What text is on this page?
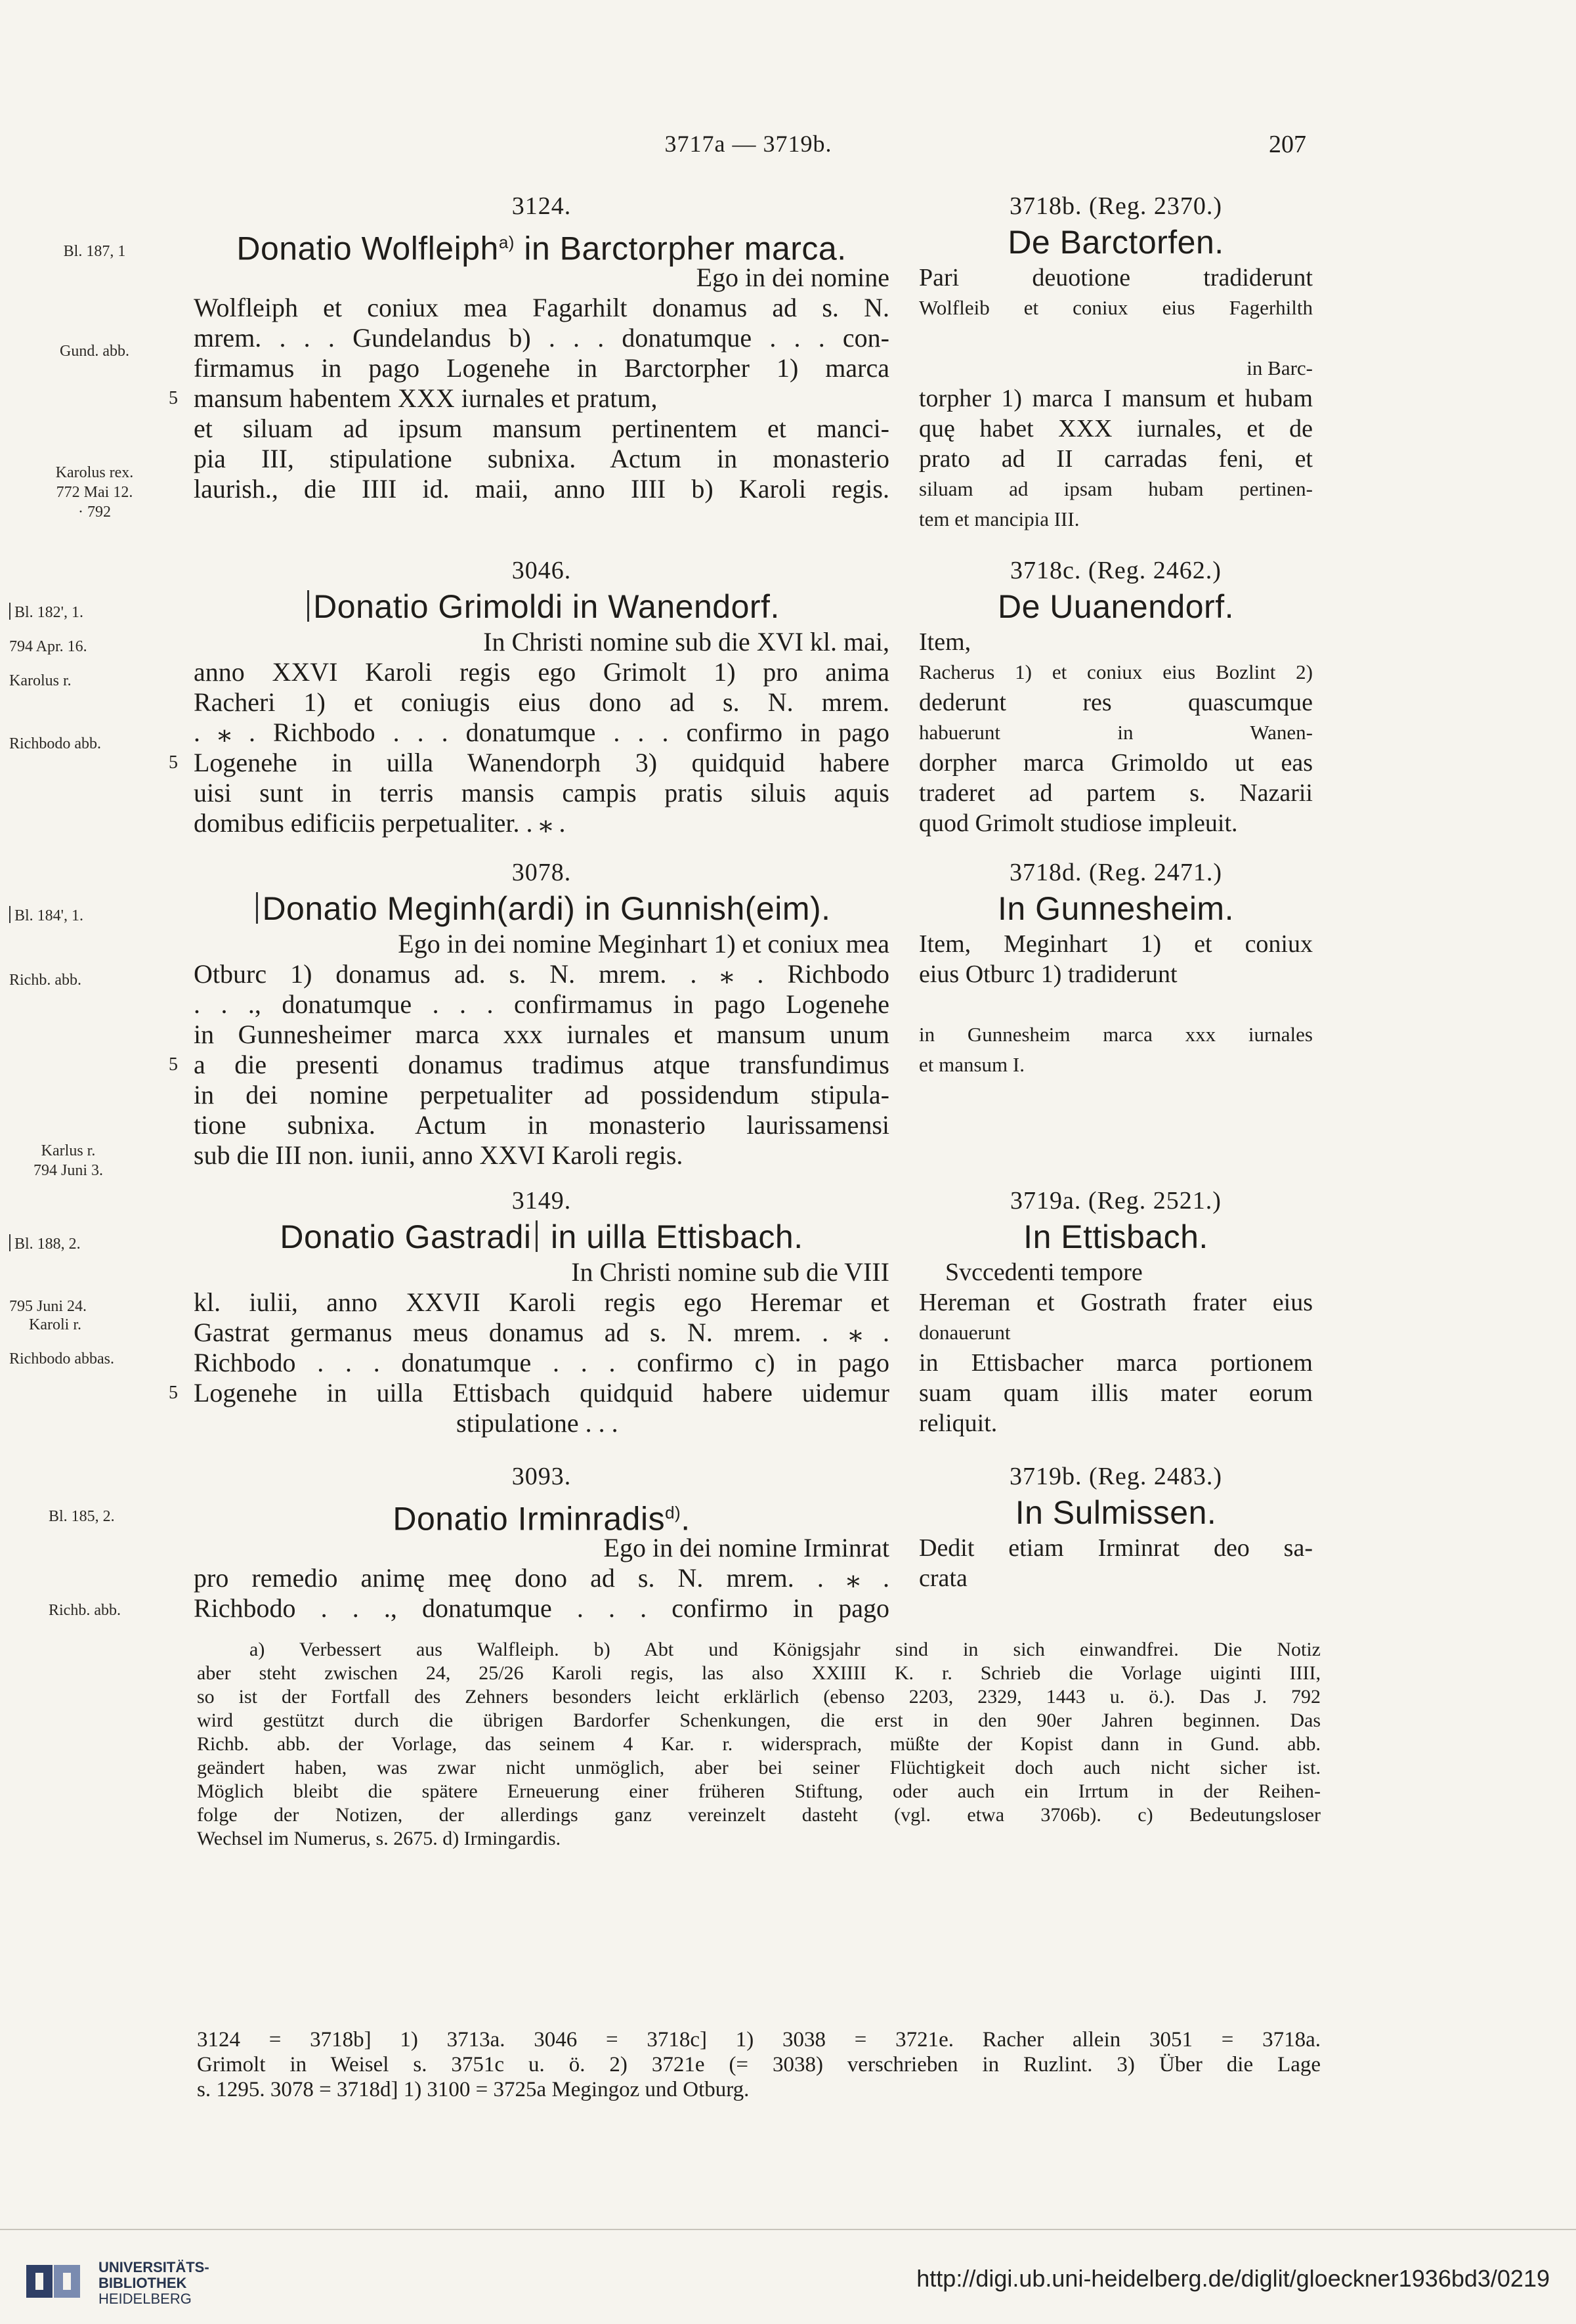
3717a — 3719b.	207
3124.
Donatio Wolfleiph$^{a)}$ in Barctorpher marca.
Ego in dei nomine
Wolfleiph et coniux mea Fagarhilt donamus ad s. N.
mrem. . . . Gundelandus b) . . . donatumque . . . con-
firmamus in pago Logenehe in Barctorpher 1) marca
5 mansum habentem XXX iurnales et pratum,
et siluam ad ipsum mansum pertinentem et manci-
pia III, stipulatione subnixa. Actum in monasterio
laurish., die IIII id. maii, anno IIII b) Karoli regis.
Bl. 187, 1
Gund. abb.
Karolus rex.
772 Mai 12.
· 792
3046.
Donatio Grimoldi in Wanendorf.
In Christi nomine sub die XVI kl. mai,
anno XXVI Karoli regis ego Grimolt 1) pro anima
Racheri 1) et coniugis eius dono ad s. N. mrem.
. ⁎ . Richbodo . . . donatumque . . . confirmo in pago
5 Logenehe in uilla Wanendorph 3) quidquid habere
uisi sunt in terris mansis campis pratis siluis aquis
domibus edificiis perpetualiter. . ⁎ .
Bl. 182', 1.
794 Apr. 16.
Karolus r.
Richbodo abb.
3078.
Donatio Meginh(ardi) in Gunnish(eim).
Ego in dei nomine Meginhart 1) et coniux mea
Otburc 1) donamus ad. s. N. mrem. . ⁎ . Richbodo
. . ., donatumque . . . confirmamus in pago Logenehe
in Gunnesheimer marca xxx iurnales et mansum unum
5 a die presenti donamus tradimus atque transfundimus
in dei nomine perpetualiter ad possidendum stipula-
tione subnixa. Actum in monasterio laurissamensi
sub die III non. iunii, anno XXVI Karoli regis.
Bl. 184', 1.
Richb. abb.
Karlus r.
794 Juni 3.
3149.
Donatio Gastradi in uilla Ettisbach.
In Christi nomine sub die VIII
kl. iulii, anno XXVII Karoli regis ego Heremar et
Gastrat germanus meus donamus ad s. N. mrem. . ⁎ .
Richbodo . . . donatumque . . . confirmo c) in pago
5 Logenehe in uilla Ettisbach quidquid habere uidemur
stipulatione . . .
Bl. 188, 2.
795 Juni 24.
Karoli r.
Richbodo abbas.
3093.
Donatio Irminradis$^{d)}$.
Ego in dei nomine Irminrat
pro remedio animę meę dono ad s. N. mrem. . ⁎ .
Richbodo . . ., donatumque . . . confirmo in pago
Bl. 185, 2.
Richb. abb.
3718b. (Reg. 2370.)
De Barctorfen.
Pari deuotione tradiderunt
Wolfleib et coniux eius Fagerhilth
in Barc-
torpher 1) marca I mansum et hubam
quę habet XXX iurnales, et de
prato ad II carradas feni, et
siluam ad ipsam hubam pertinen-
tem et mancipia III.
3718c. (Reg. 2462.)
De Uuanendorf.
Item,
Racherus 1) et coniux eius Bozlint 2)
dederunt res quascumque
habuerunt in Wanen-
dorpher marca Grimoldo ut eas
traderet ad partem s. Nazarii
quod Grimolt studiose impleuit.
3718d. (Reg. 2471.)
In Gunnesheim.
Item, Meginhart 1) et coniux
eius Otburc 1) tradiderunt
in Gunnesheim marca xxx iurnales
et mansum I.
3719a. (Reg. 2521.)
In Ettisbach.
Svccedenti tempore
Hereman et Gostrath frater eius
donauerunt
in Ettisbacher marca portionem
suam quam illis mater eorum
reliquit.
3719b. (Reg. 2483.)
In Sulmissen.
Dedit etiam Irminrat deo sa-
crata
a) Verbessert aus Walfleiph. b) Abt und Königsjahr sind in sich einwandfrei. Die Notiz
aber steht zwischen 24, 25/26 Karoli regis, las also XXIIII K. r. Schrieb die Vorlage uiginti IIII,
so ist der Fortfall des Zehners besonders leicht erklärlich (ebenso 2203, 2329, 1443 u. ö.). Das J. 792
wird gestützt durch die übrigen Bardorfer Schenkungen, die erst in den 90er Jahren beginnen. Das
Richb. abb. der Vorlage, das seinem 4 Kar. r. widersprach, müßte der Kopist dann in Gund. abb.
geändert haben, was zwar nicht unmöglich, aber bei seiner Flüchtigkeit doch auch nicht sicher ist.
Möglich bleibt die spätere Erneuerung einer früheren Stiftung, oder auch ein Irrtum in der Reihen-
folge der Notizen, der allerdings ganz vereinzelt dasteht (vgl. etwa 3706b). c) Bedeutungsloser
Wechsel im Numerus, s. 2675. d) Irmingardis.
3124 = 3718b] 1) 3713a. 3046 = 3718c] 1) 3038 = 3721e. Racher allein 3051 = 3718a.
Grimolt in Weisel s. 3751c u. ö. 2) 3721e (= 3038) verschrieben in Ruzlint. 3) Über die Lage
s. 1295. 3078 = 3718d] 1) 3100 = 3725a Megingoz und Otburg.
UNIVERSITÄTS-
BIBLIOTHEK
HEIDELBERG
http://digi.ub.uni-heidelberg.de/diglit/gloeckner1936bd3/0219
